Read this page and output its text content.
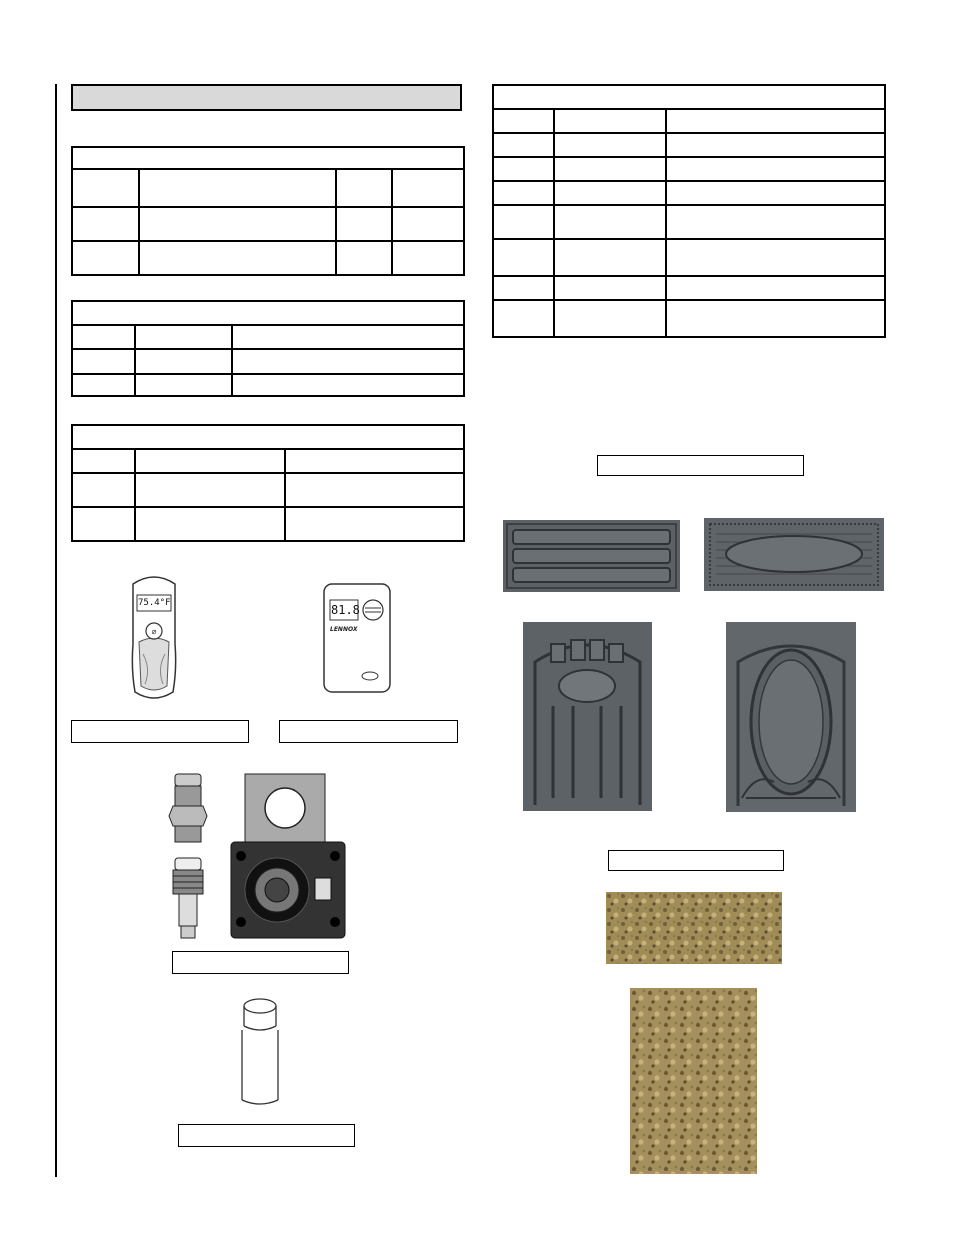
⌀
75.4°F	81.8
LENNOX
